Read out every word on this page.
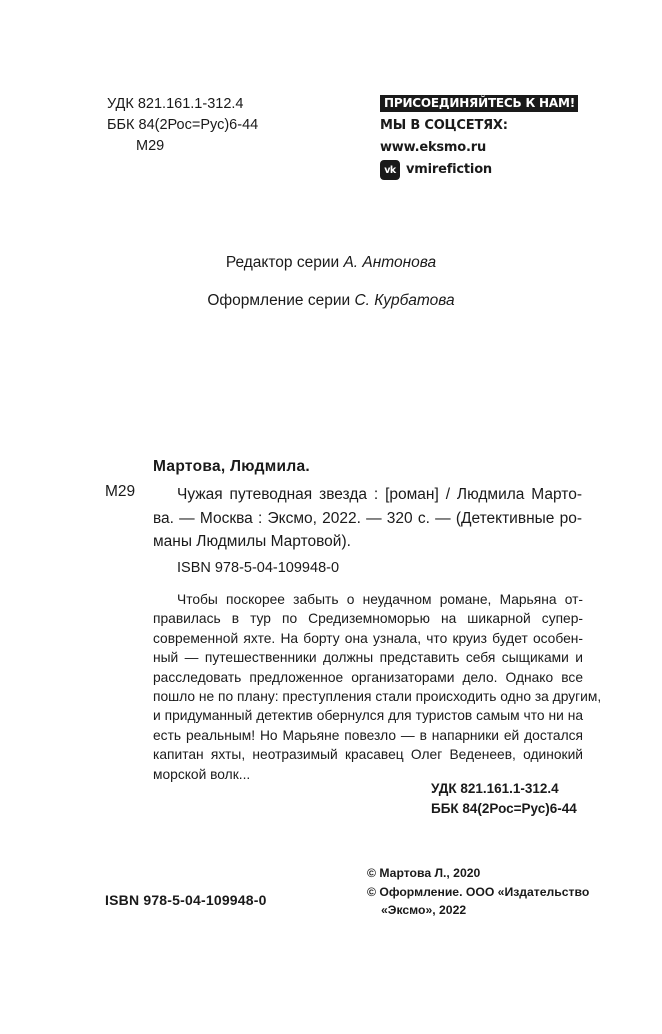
УДК 821.161.1-312.4
ББК 84(2Рос=Рус)6-44
М29
ПРИСОЕДИНЯЙТЕСЬ К НАМ!
МЫ В СОЦСЕТЯХ:
www.eksmo.ru
vk vmirefiction
Редактор серии А. Антонова
Оформление серии С. Курбатова
Мартова, Людмила.
М29	Чужая путеводная звезда : [роман] / Людмила Марто-
ва. — Москва : Эксмо, 2022. — 320 с. — (Детективные ро-
маны Людмилы Мартовой).
ISBN 978-5-04-109948-0
Чтобы поскорее забыть о неудачном романе, Марьяна от-
правилась в тур по Средиземноморью на шикарной супер-
современной яхте. На борту она узнала, что круиз будет особен-
ный — путешественники должны представить себя сыщиками и
расследовать предложенное организаторами дело. Однако все
пошло не по плану: преступления стали происходить одно за другим,
и придуманный детектив обернулся для туристов самым что ни на
есть реальным! Но Марьяне повезло — в напарники ей достался
капитан яхты, неотразимый красавец Олег Веденеев, одинокий
морской волк...
УДК 821.161.1-312.4
ББК 84(2Рос=Рус)6-44
© Мартова Л., 2020
© Оформление. ООО «Издательство
«Эксмо», 2022
ISBN 978-5-04-109948-0
